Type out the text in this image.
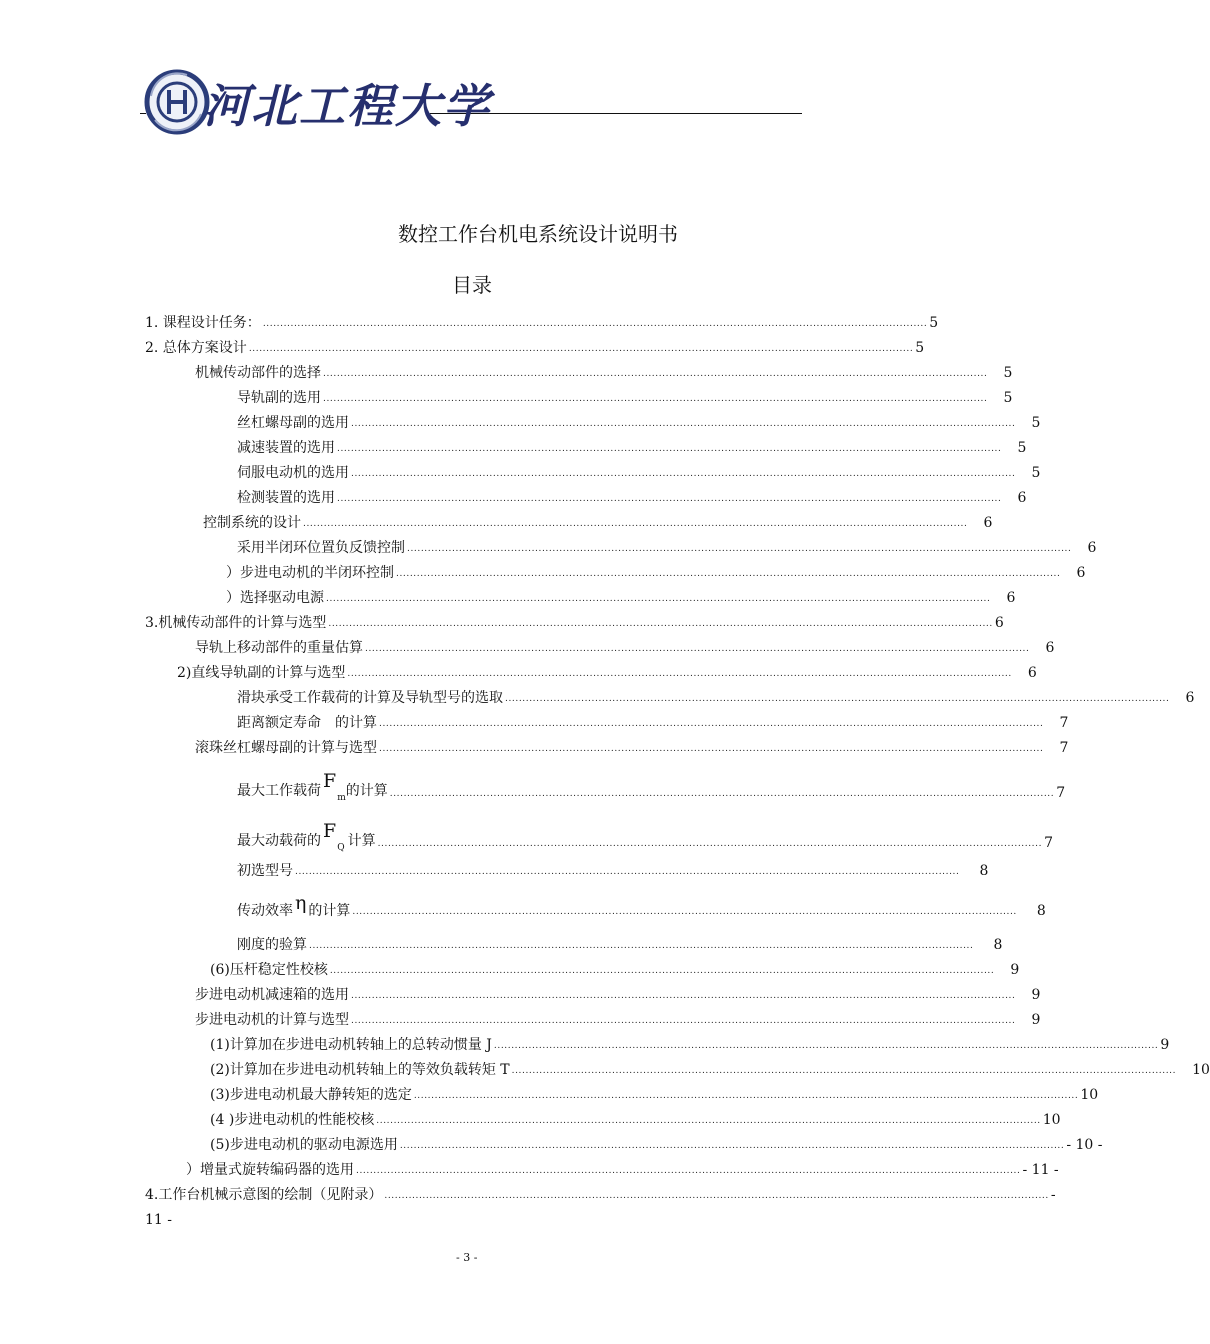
河北工程大学
数控工作台机电系统设计说明书
目录
1. 课程设计任务： ................................................................................................................................................................................................ 5
2. 总体方案设计 ................................................................................................................................................................................................ 5
机械传动部件的选择 ................................................................................................................................................................................................ 5
导轨副的选用 ................................................................................................................................................................................................ 5
丝杠螺母副的选用 ................................................................................................................................................................................................ 5
减速装置的选用 ................................................................................................................................................................................................ 5
伺服电动机的选用 ................................................................................................................................................................................................ 5
检测装置的选用 ................................................................................................................................................................................................ 6
控制系统的设计 ................................................................................................................................................................................................ 6
采用半闭环位置负反馈控制 ................................................................................................................................................................................................ 6
）步进电动机的半闭环控制 ................................................................................................................................................................................................ 6
）选择驱动电源 ................................................................................................................................................................................................ 6
3.机械传动部件的计算与选型 ................................................................................................................................................................................................ 6
导轨上移动部件的重量估算 ................................................................................................................................................................................................ 6
2)直线导轨副的计算与选型 ................................................................................................................................................................................................ 6
滑块承受工作载荷的计算及导轨型号的选取 ................................................................................................................................................................................................ 6
距离额定寿命 的计算 ................................................................................................................................................................................................ 7
滚珠丝杠螺母副的计算与选型 ................................................................................................................................................................................................ 7
最大工作载荷 $F_m$的计算 ................................................................................................................................................................................................ 7
最大动载荷的 $F_Q$ 计算 ................................................................................................................................................................................................ 7
初选型号 ................................................................................................................................................................................................ 8
传动效率 η 的计算 ................................................................................................................................................................................................ 8
刚度的验算 ................................................................................................................................................................................................ 8
(6)压杆稳定性校核 ................................................................................................................................................................................................ 9
步进电动机减速箱的选用 ................................................................................................................................................................................................ 9
步进电动机的计算与选型 ................................................................................................................................................................................................ 9
(1)计算加在步进电动机转轴上的总转动惯量 J ................................................................................................................................................................................................ 9
(2)计算加在步进电动机转轴上的等效负载转矩 T ................................................................................................................................................................................................ 10
(3)步进电动机最大静转矩的选定 ................................................................................................................................................................................................ 10
(4 )步进电动机的性能校核 ................................................................................................................................................................................................ 10
(5)步进电动机的驱动电源选用 ................................................................................................................................................................................................ - 10 -
）增量式旋转编码器的选用 ................................................................................................................................................................................................ - 11 -
4.工作台机械示意图的绘制（见附录） ................................................................................................................................................................................................ -
11 -
- 3 -
